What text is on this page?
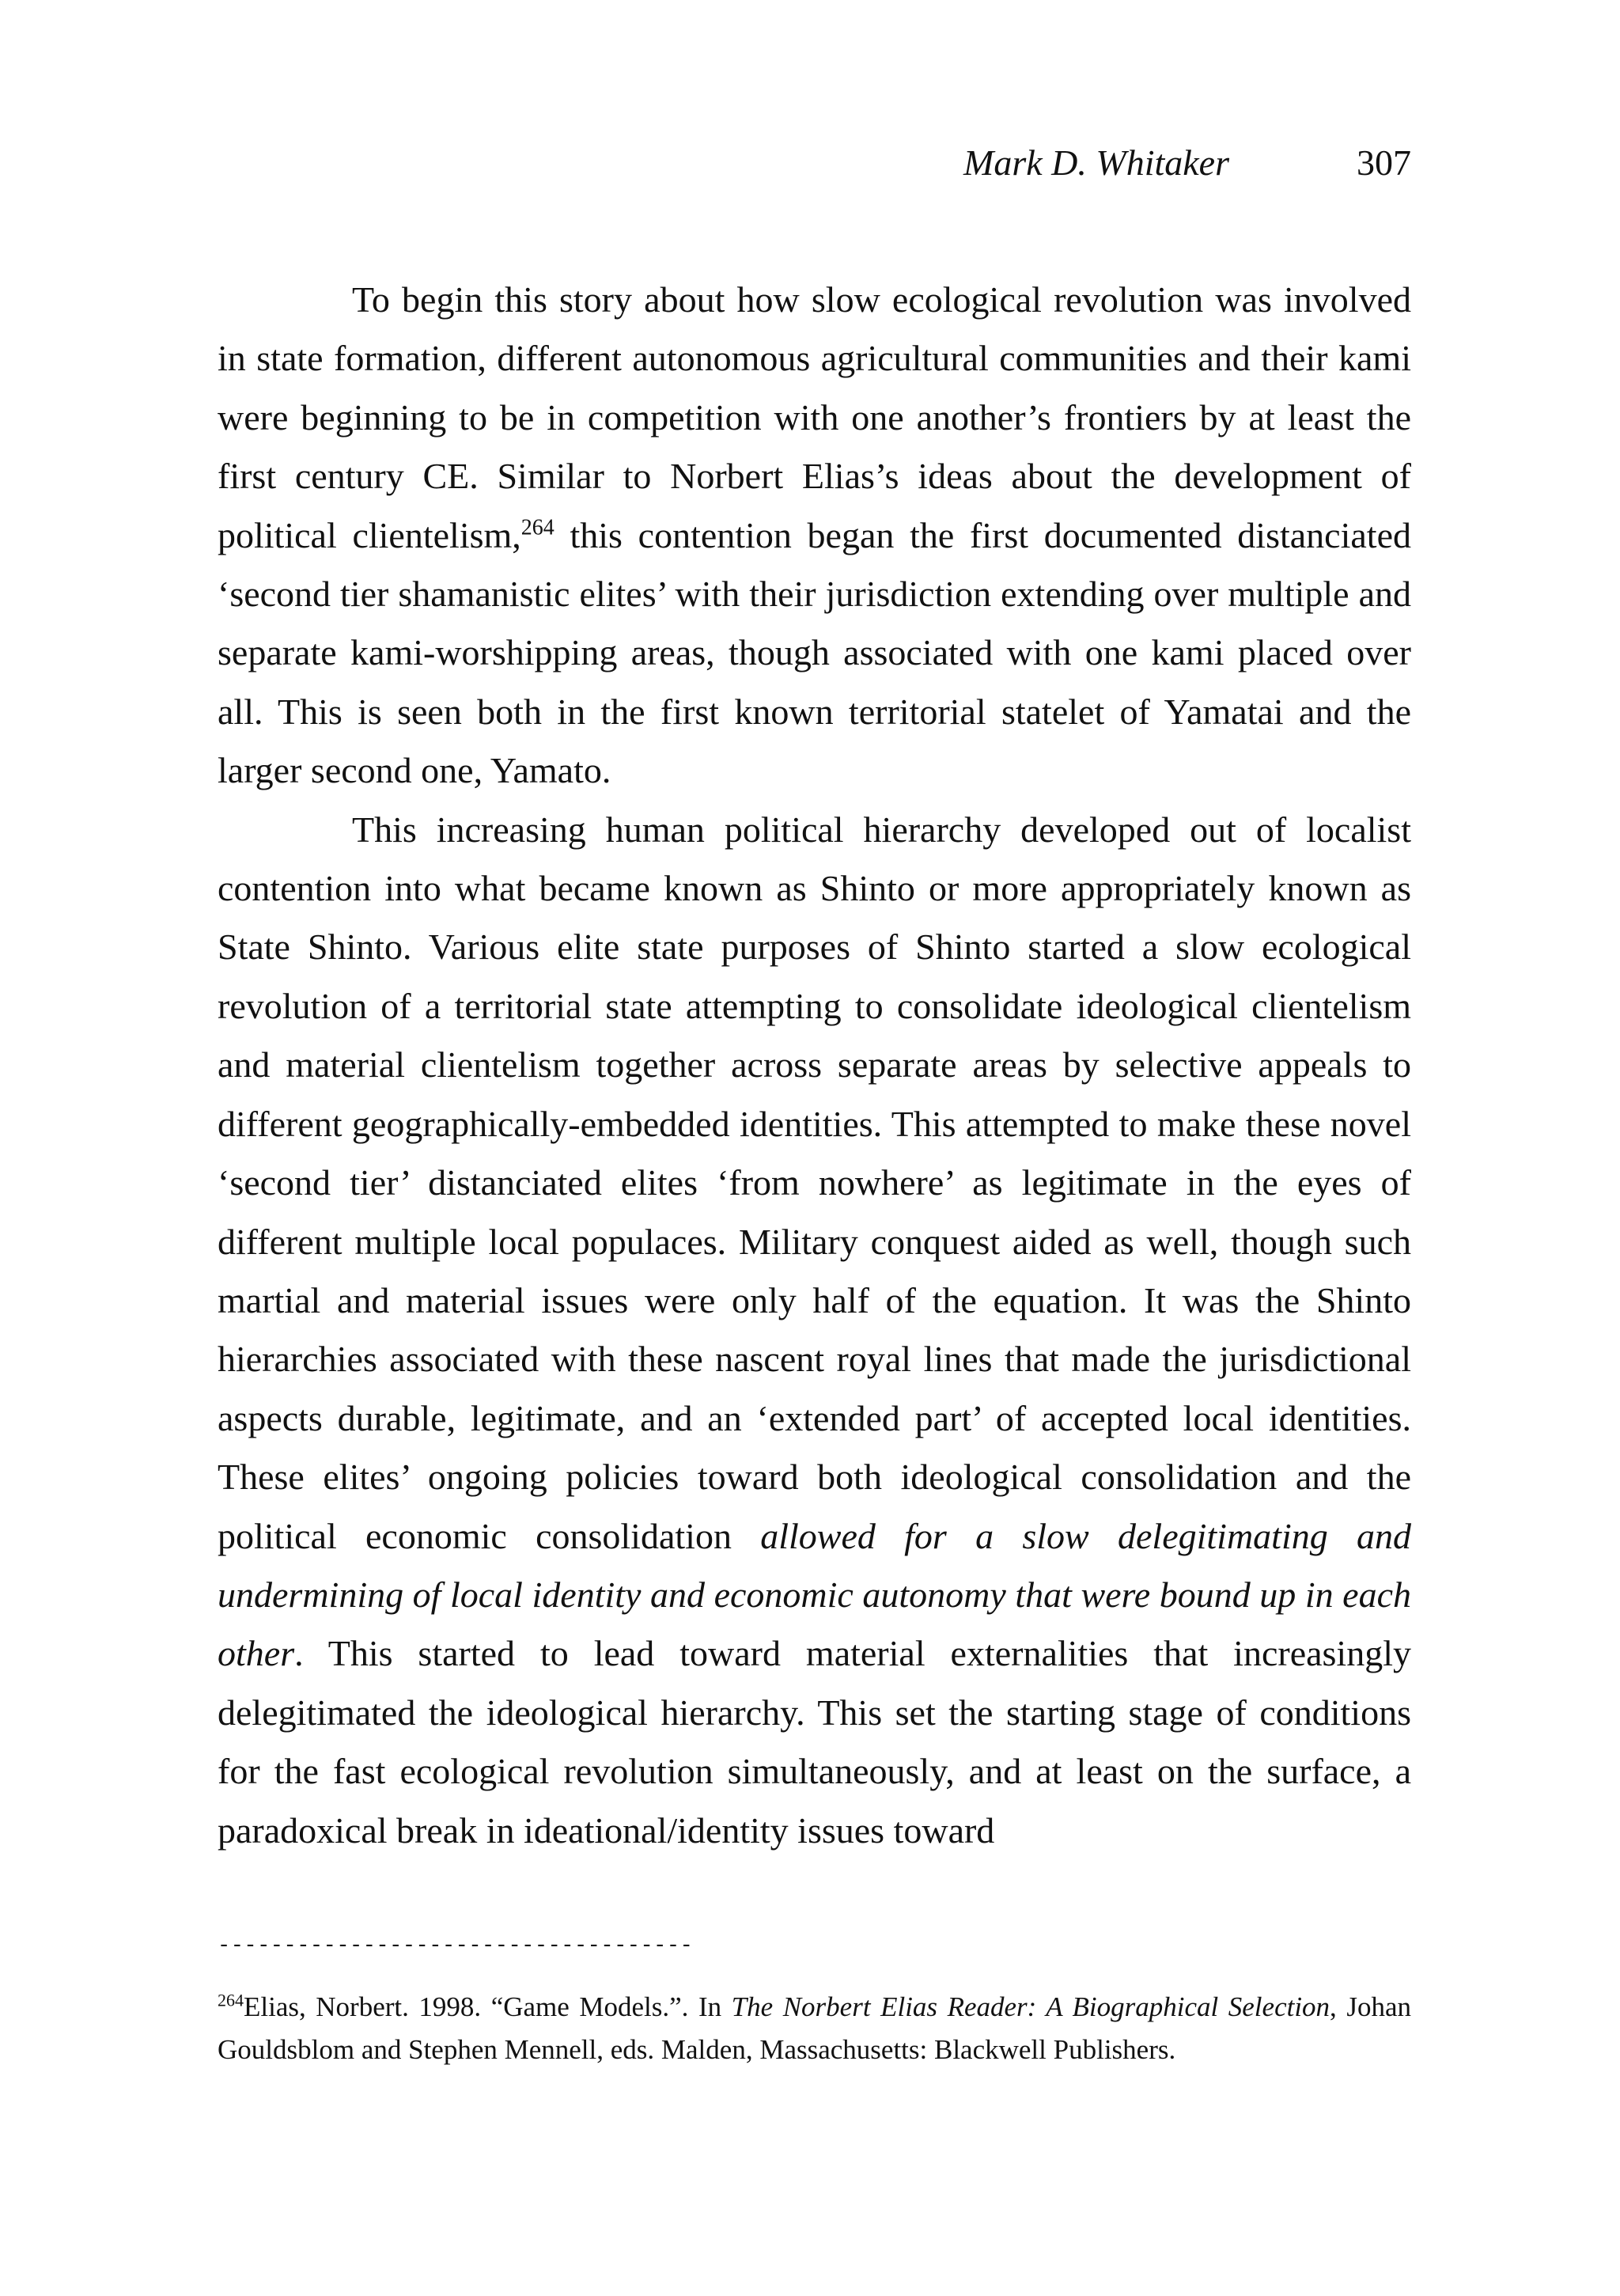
Mark D. Whitaker	307

To begin this story about how slow ecological revolution was involved in state formation, different autonomous agricultural communities and their kami were beginning to be in competition with one another’s frontiers by at least the first century CE. Similar to Norbert Elias’s ideas about the development of political clientelism,$^{264}$ this contention began the first documented distanciated ‘second tier shamanistic elites’ with their jurisdiction extending over multiple and separate kami-worshipping areas, though associated with one kami placed over all. This is seen both in the first known territorial statelet of Yamatai and the larger second one, Yamato.

This increasing human political hierarchy developed out of localist contention into what became known as Shinto or more appropriately known as State Shinto. Various elite state purposes of Shinto started a slow ecological revolution of a territorial state attempting to consolidate ideological clientelism and material clientelism together across separate areas by selective appeals to different geographically-embedded identities. This attempted to make these novel ‘second tier’ distanciated elites ‘from nowhere’ as legitimate in the eyes of different multiple local populaces. Military conquest aided as well, though such martial and material issues were only half of the equation. It was the Shinto hierarchies associated with these nascent royal lines that made the jurisdictional aspects durable, legitimate, and an ‘extended part’ of accepted local identities. These elites’ ongoing policies toward both ideological consolidation and the political economic consolidation allowed for a slow delegitimating and undermining of local identity and economic autonomy that were bound up in each other. This started to lead toward material externalities that increasingly delegitimated the ideological hierarchy. This set the starting stage of conditions for the fast ecological revolution simultaneously, and at least on the surface, a paradoxical break in ideational/identity issues toward

------------------------------------
$^{264}$Elias, Norbert. 1998. “Game Models.”. In The Norbert Elias Reader: A Biographical Selection, Johan Gouldsblom and Stephen Mennell, eds. Malden, Massachusetts: Blackwell Publishers.
